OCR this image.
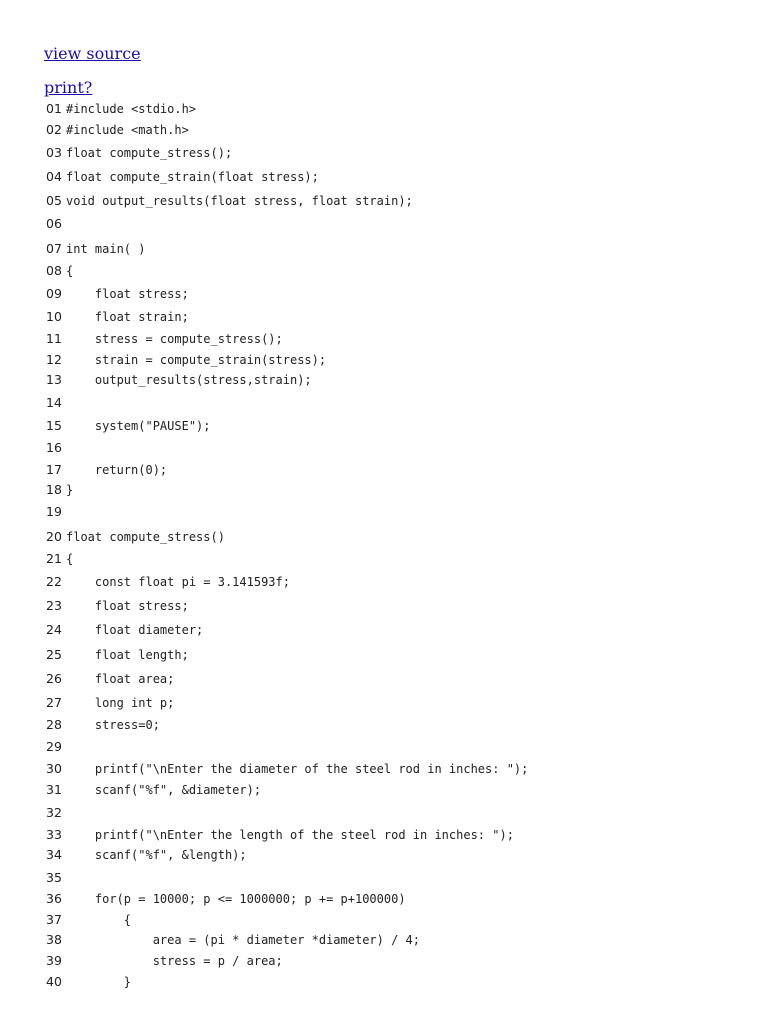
view source
print?
01 #include <stdio.h>
02 #include <math.h>
03 float compute_stress();
04 float compute_strain(float stress);
05 void output_results(float stress, float strain);
06
07 int main( )
08 {
09 float stress;
10 float strain;
11 stress = compute_stress();
12 strain = compute_strain(stress);
13 output_results(stress,strain);
14
15 system("PAUSE");
16
17 return(0);
18 }
19
20 float compute_stress()
21 {
22 const float pi = 3.141593f;
23 float stress;
24 float diameter;
25 float length;
26 float area;
27 long int p;
28 stress=0;
29
30 printf("\nEnter the diameter of the steel rod in inches: ");
31 scanf("%f", &diameter);
32
33 printf("\nEnter the length of the steel rod in inches: ");
34 scanf("%f", &length);
35
36 for(p = 10000; p <= 1000000; p += p+100000)
37 {
38 area = (pi * diameter *diameter) / 4;
39 stress = p / area;
40 }
